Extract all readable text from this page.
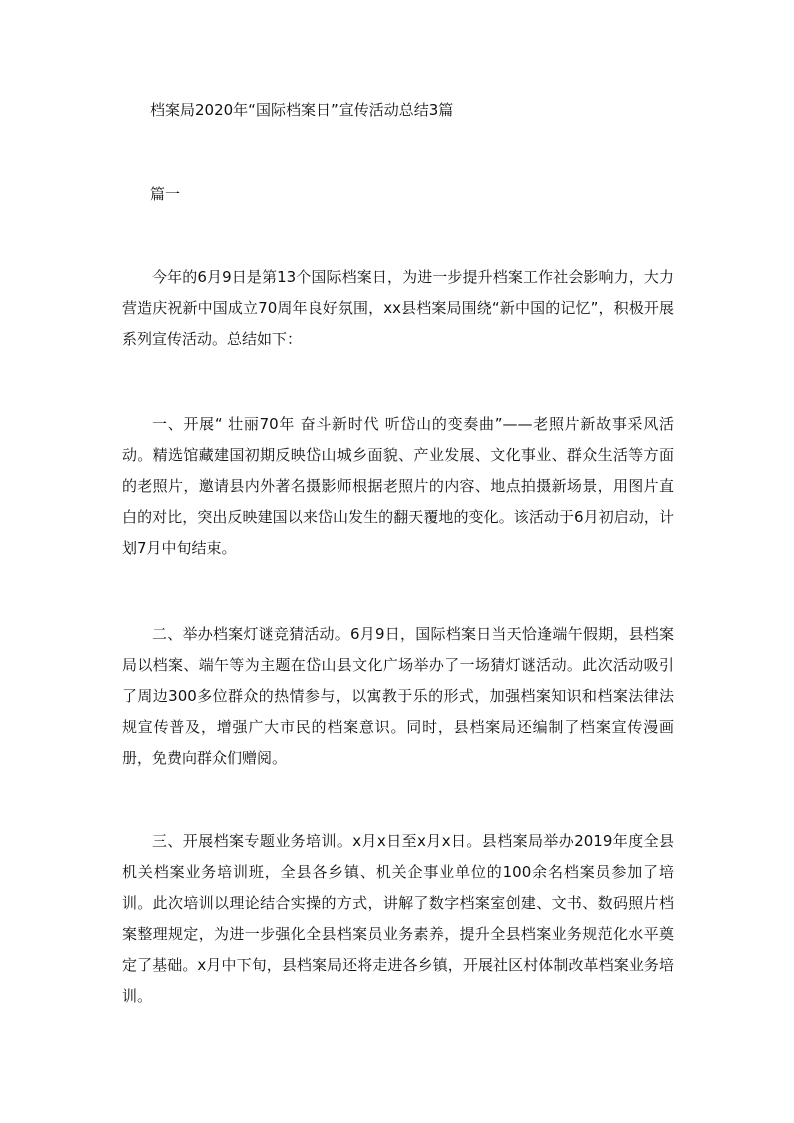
档案局2020年“国际档案日”宣传活动总结3篇
篇一

今年的6月9日是第13个国际档案日，为进一步提升档案工作社会影响力，大力营造庆祝新中国成立70周年良好氛围，xx县档案局围绕“新中国的记忆”，积极开展系列宣传活动。总结如下：

一、开展“ 壮丽70年 奋斗新时代 听岱山的变奏曲”——老照片新故事采风活动。精选馆藏建国初期反映岱山城乡面貌、产业发展、文化事业、群众生活等方面的老照片，邀请县内外著名摄影师根据老照片的内容、地点拍摄新场景，用图片直白的对比，突出反映建国以来岱山发生的翻天覆地的变化。该活动于6月初启动，计划7月中旬结束。

二、举办档案灯谜竞猜活动。6月9日，国际档案日当天恰逢端午假期，县档案局以档案、端午等为主题在岱山县文化广场举办了一场猜灯谜活动。此次活动吸引了周边300多位群众的热情参与，以寓教于乐的形式，加强档案知识和档案法律法规宣传普及，增强广大市民的档案意识。同时，县档案局还编制了档案宣传漫画册，免费向群众们赠阅。

三、开展档案专题业务培训。x月x日至x月x日。县档案局举办2019年度全县机关档案业务培训班，全县各乡镇、机关企事业单位的100余名档案员参加了培训。此次培训以理论结合实操的方式，讲解了数字档案室创建、文书、数码照片档案整理规定，为进一步强化全县档案员业务素养，提升全县档案业务规范化水平奠定了基础。x月中下旬，县档案局还将走进各乡镇，开展社区村体制改革档案业务培训。
